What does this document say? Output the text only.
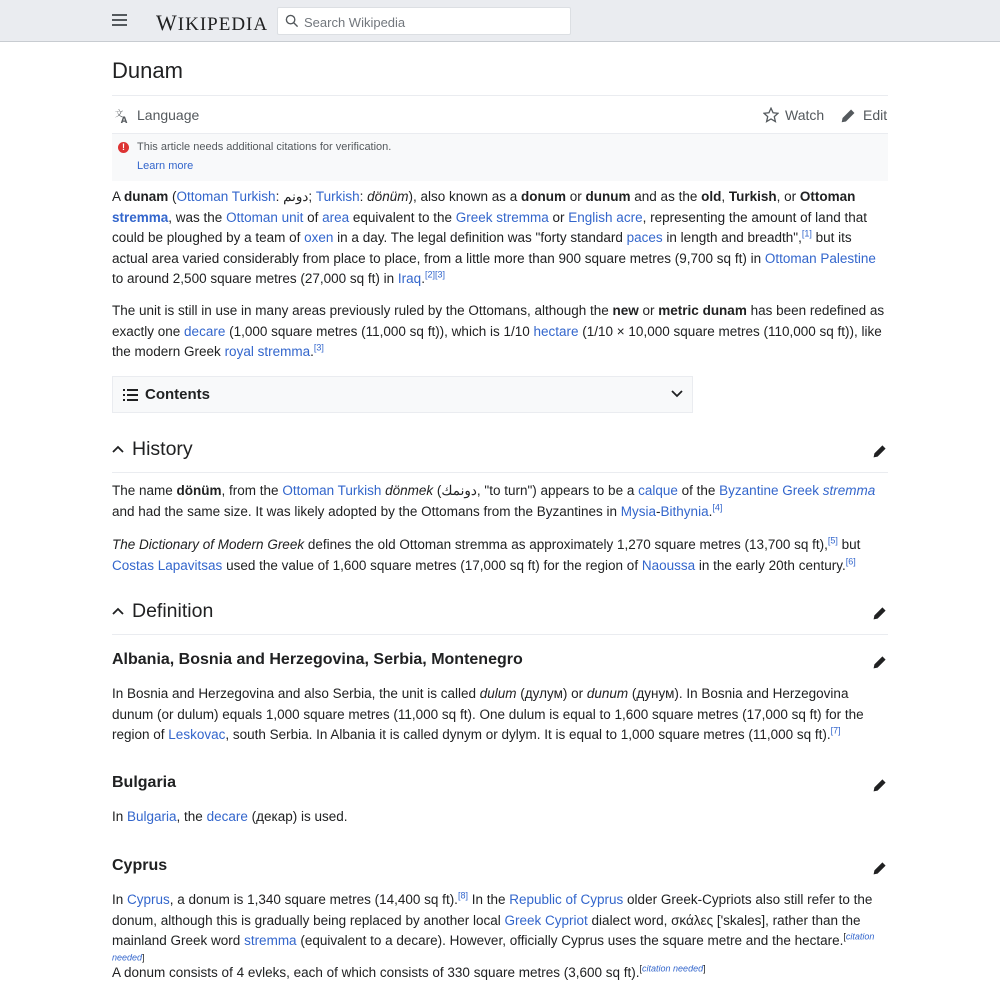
WIKIPEDIA
Search Wikipedia
Dunam
文
A Language	Watch	Edit
!	This article needs additional citations for verification.
Learn more
A dunam (Ottoman Turkish: دونم; Turkish: dönüm), also known as a donum or dunum and as the old, Turkish, or Ottoman stremma, was the Ottoman unit of area equivalent to the Greek stremma or English acre, representing the amount of land that could be ploughed by a team of oxen in a day. The legal definition was "forty standard paces in length and breadth",[1] but its actual area varied considerably from place to place, from a little more than 900 square metres (9,700 sq ft) in Ottoman Palestine to around 2,500 square metres (27,000 sq ft) in Iraq.[2][3]
The unit is still in use in many areas previously ruled by the Ottomans, although the new or metric dunam has been redefined as exactly one decare (1,000 square metres (11,000 sq ft)), which is 1/10 hectare (1/10 × 10,000 square metres (110,000 sq ft)), like the modern Greek royal stremma.[3]
Contents
History
The name dönüm, from the Ottoman Turkish dönmek (دونمك, "to turn") appears to be a calque of the Byzantine Greek stremma and had the same size. It was likely adopted by the Ottomans from the Byzantines in Mysia-Bithynia.[4]
The Dictionary of Modern Greek defines the old Ottoman stremma as approximately 1,270 square metres (13,700 sq ft),[5] but Costas Lapavitsas used the value of 1,600 square metres (17,000 sq ft) for the region of Naoussa in the early 20th century.[6]
Definition
Albania, Bosnia and Herzegovina, Serbia, Montenegro
In Bosnia and Herzegovina and also Serbia, the unit is called dulum (дулум) or dunum (дунум). In Bosnia and Herzegovina dunum (or dulum) equals 1,000 square metres (11,000 sq ft). One dulum is equal to 1,600 square metres (17,000 sq ft) for the region of Leskovac, south Serbia. In Albania it is called dynym or dylym. It is equal to 1,000 square metres (11,000 sq ft).[7]
Bulgaria
In Bulgaria, the decare (декар) is used.
Cyprus
In Cyprus, a donum is 1,340 square metres (14,400 sq ft).[8] In the Republic of Cyprus older Greek-Cypriots also still refer to the donum, although this is gradually being replaced by another local Greek Cypriot dialect word, σκάλες ['skales], rather than the mainland Greek word stremma (equivalent to a decare). However, officially Cyprus uses the square metre and the hectare.[citation needed]
A donum consists of 4 evleks, each of which consists of 330 square metres (3,600 sq ft).[citation needed]
